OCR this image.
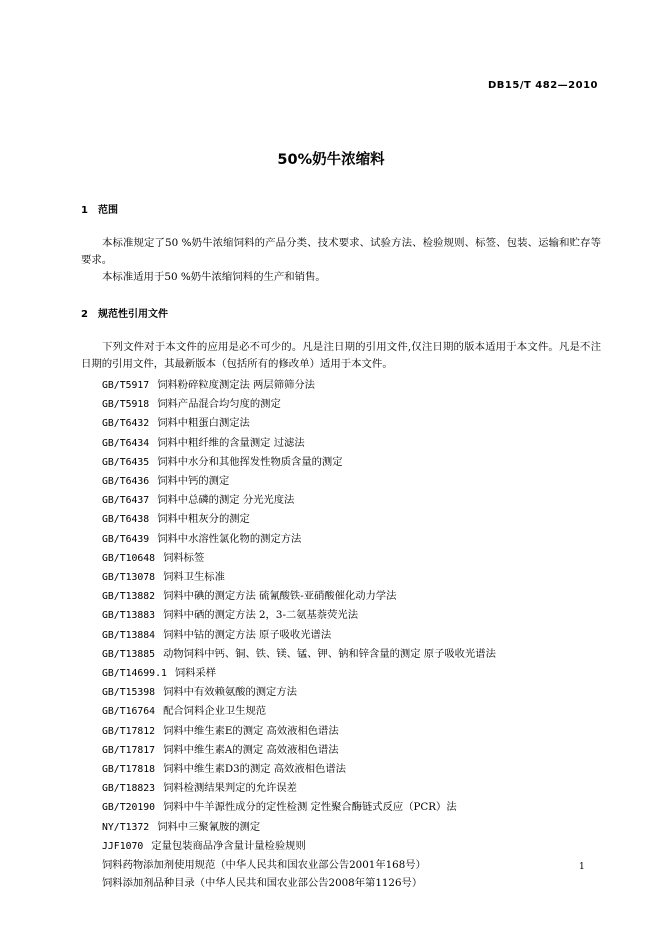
DB15/T 482—2010
50%奶牛浓缩料
1 范围
本标准规定了50 %奶牛浓缩饲料的产品分类、技术要求、试验方法、检验规则、标签、包装、运输和贮存等要求。
本标准适用于50 %奶牛浓缩饲料的生产和销售。
2 规范性引用文件
下列文件对于本文件的应用是必不可少的。凡是注日期的引用文件,仅注日期的版本适用于本文件。凡是不注日期的引用文件，其最新版本（包括所有的修改单）适用于本文件。
GB/T5917 饲料粉碎粒度测定法 两层筛筛分法
GB/T5918 饲料产品混合均匀度的测定
GB/T6432 饲料中粗蛋白测定法
GB/T6434 饲料中粗纤维的含量测定 过滤法
GB/T6435 饲料中水分和其他挥发性物质含量的测定
GB/T6436 饲料中钙的测定
GB/T6437 饲料中总磷的测定 分光光度法
GB/T6438 饲料中粗灰分的测定
GB/T6439 饲料中水溶性氯化物的测定方法
GB/T10648 饲料标签
GB/T13078 饲料卫生标准
GB/T13882 饲料中碘的测定方法 硫氰酸铁-亚硝酸催化动力学法
GB/T13883 饲料中硒的测定方法 2，3-二氨基萘荧光法
GB/T13884 饲料中钴的测定方法 原子吸收光谱法
GB/T13885 动物饲料中钙、铜、铁、镁、锰、钾、钠和锌含量的测定 原子吸收光谱法
GB/T14699.1 饲料采样
GB/T15398 饲料中有效赖氨酸的测定方法
GB/T16764 配合饲料企业卫生规范
GB/T17812 饲料中维生素E的测定 高效液相色谱法
GB/T17817 饲料中维生素A的测定 高效液相色谱法
GB/T17818 饲料中维生素D3的测定 高效液相色谱法
GB/T18823 饲料检测结果判定的允许误差
GB/T20190 饲料中牛羊源性成分的定性检测 定性聚合酶链式反应（PCR）法
NY/T1372 饲料中三聚氰胺的测定
JJF1070 定量包装商品净含量计量检验规则
饲料药物添加剂使用规范（中华人民共和国农业部公告2001年168号）
饲料添加剂品种目录（中华人民共和国农业部公告2008年第1126号）
1
